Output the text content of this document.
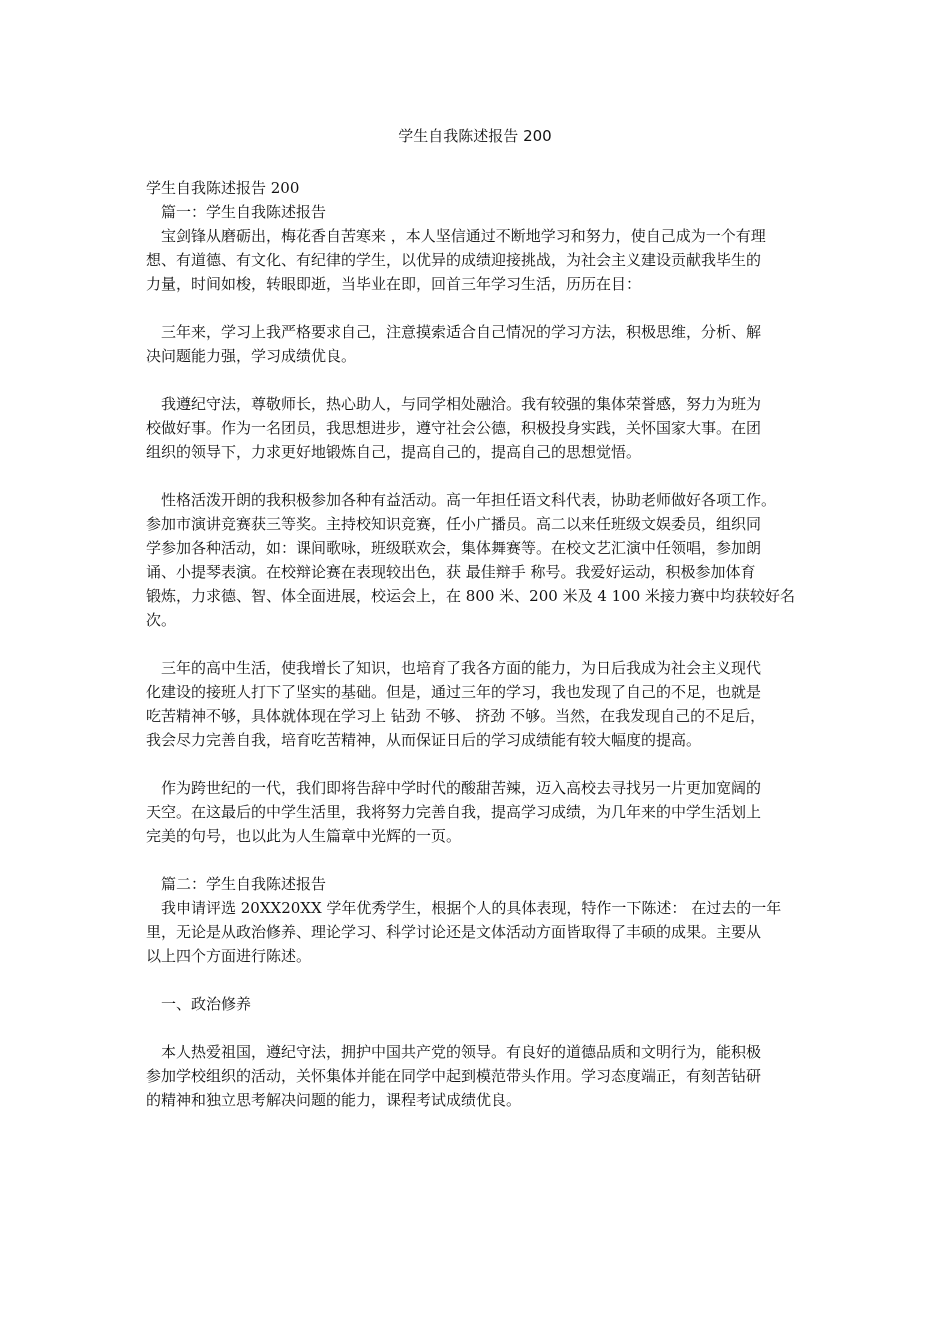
学生自我陈述报告 200
学生自我陈述报告 200
篇一：学生自我陈述报告
宝剑锋从磨砺出，梅花香自苦寒来 ，本人坚信通过不断地学习和努力，使自己成为一个有理
想、有道德、有文化、有纪律的学生，以优异的成绩迎接挑战，为社会主义建设贡献我毕生的
力量，时间如梭，转眼即逝，当毕业在即，回首三年学习生活，历历在目：
三年来，学习上我严格要求自己，注意摸索适合自己情况的学习方法，积极思维，分析、解
决问题能力强，学习成绩优良。
我遵纪守法，尊敬师长，热心助人，与同学相处融洽。我有较强的集体荣誉感，努力为班为
校做好事。作为一名团员，我思想进步，遵守社会公德，积极投身实践，关怀国家大事。在团
组织的领导下，力求更好地锻炼自己，提高自己的，提高自己的思想觉悟。
性格活泼开朗的我积极参加各种有益活动。高一年担任语文科代表，协助老师做好各项工作。
参加市演讲竞赛获三等奖。主持校知识竞赛，任小广播员。高二以来任班级文娱委员，组织同
学参加各种活动，如：课间歌咏，班级联欢会，集体舞赛等。在校文艺汇演中任领唱，参加朗
诵、小提琴表演。在校辩论赛在表现较出色，获 最佳辩手 称号。我爱好运动，积极参加体育
锻炼，力求德、智、体全面进展，校运会上，在 800 米、200 米及 4 100 米接力赛中均获较好名
次。
三年的高中生活，使我增长了知识，也培育了我各方面的能力，为日后我成为社会主义现代
化建设的接班人打下了坚实的基础。但是，通过三年的学习，我也发现了自己的不足，也就是
吃苦精神不够，具体就体现在学习上 钻劲 不够、 挤劲 不够。当然，在我发现自己的不足后，
我会尽力完善自我，培育吃苦精神，从而保证日后的学习成绩能有较大幅度的提高。
作为跨世纪的一代，我们即将告辞中学时代的酸甜苦辣，迈入高校去寻找另一片更加宽阔的
天空。在这最后的中学生活里，我将努力完善自我，提高学习成绩，为几年来的中学生活划上
完美的句号，也以此为人生篇章中光辉的一页。
篇二：学生自我陈述报告
我申请评选 20XX20XX 学年优秀学生，根据个人的具体表现，特作一下陈述： 在过去的一年
里，无论是从政治修养、理论学习、科学讨论还是文体活动方面皆取得了丰硕的成果。主要从
以上四个方面进行陈述。
一、政治修养
本人热爱祖国，遵纪守法，拥护中国共产党的领导。有良好的道德品质和文明行为，能积极
参加学校组织的活动，关怀集体并能在同学中起到模范带头作用。学习态度端正，有刻苦钻研
的精神和独立思考解决问题的能力，课程考试成绩优良。
